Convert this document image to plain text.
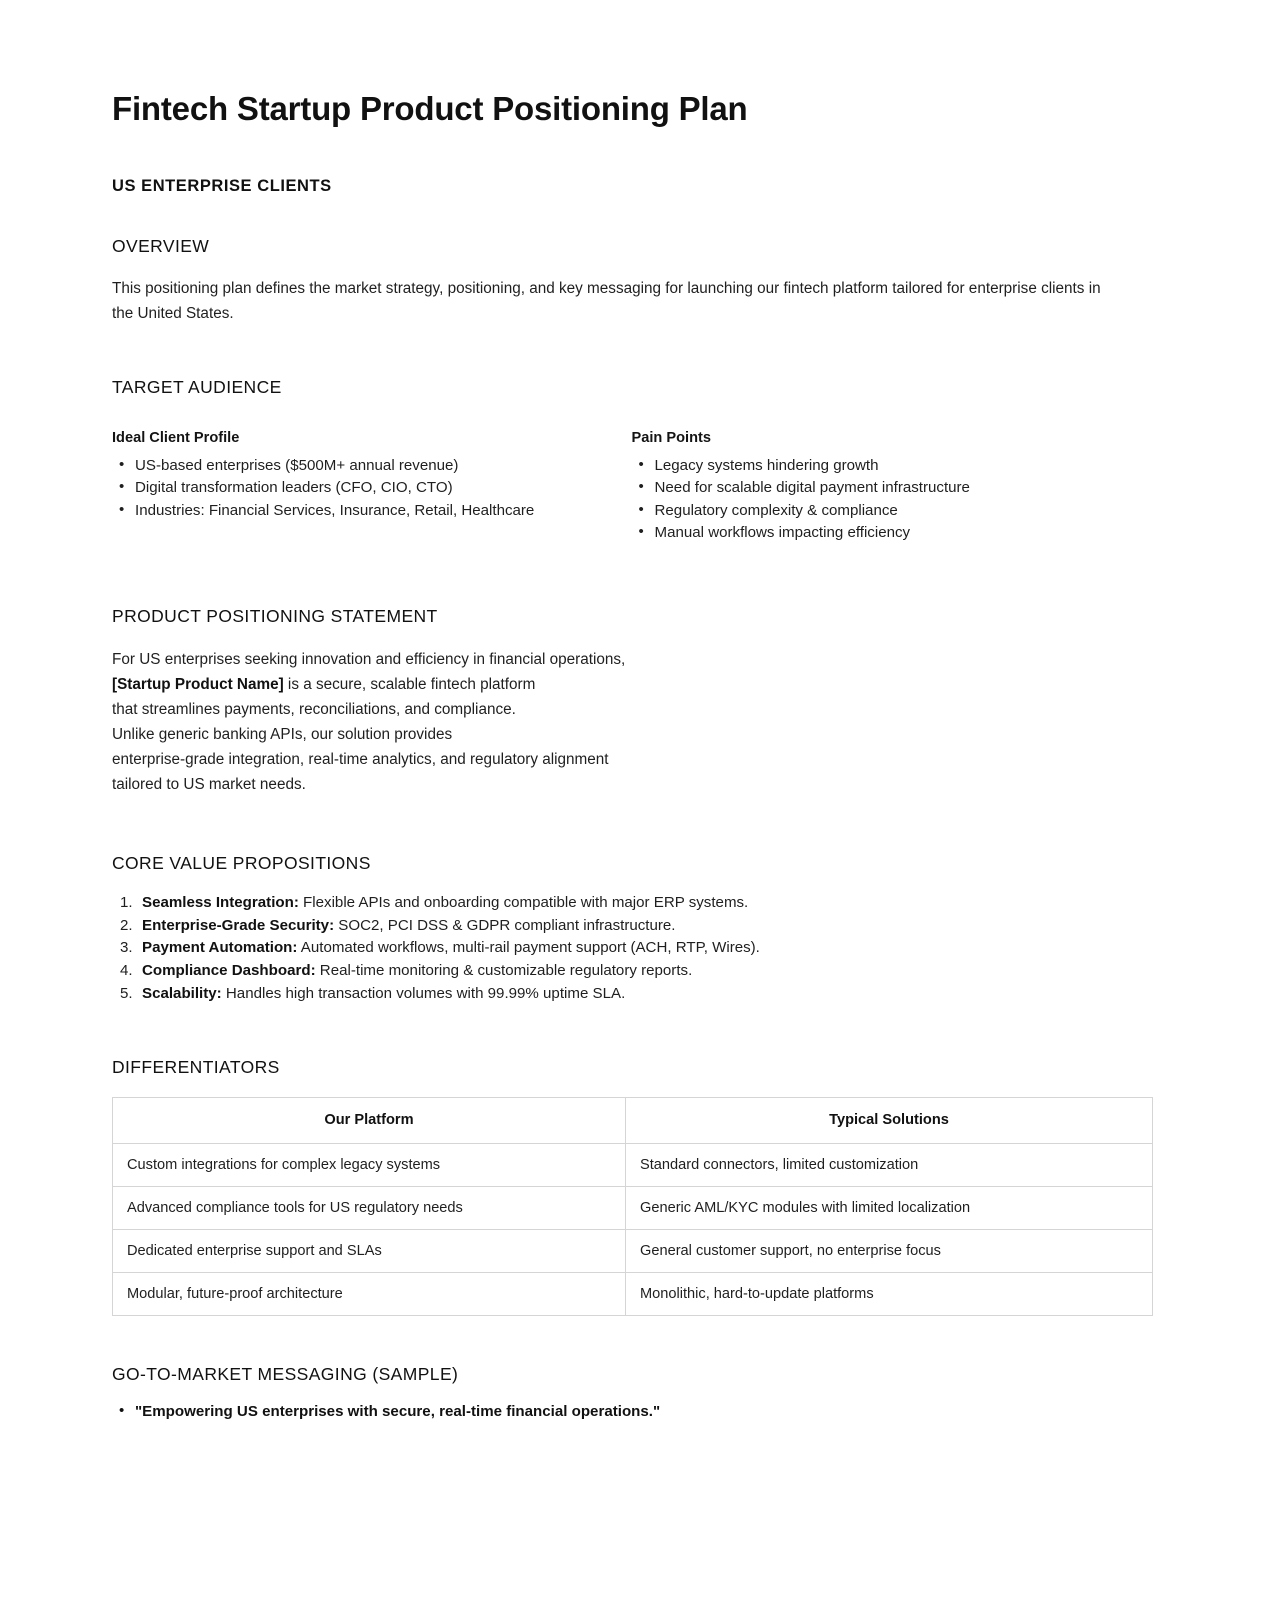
Fintech Startup Product Positioning Plan
US ENTERPRISE CLIENTS
OVERVIEW

This positioning plan defines the market strategy, positioning, and key messaging for launching our fintech platform tailored for enterprise clients in the United States.

TARGET AUDIENCE
Ideal Client Profile
• US-based enterprises ($500M+ annual revenue)
• Digital transformation leaders (CFO, CIO, CTO)
• Industries: Financial Services, Insurance, Retail, Healthcare
Pain Points
• Legacy systems hindering growth
• Need for scalable digital payment infrastructure
• Regulatory complexity & compliance
• Manual workflows impacting efficiency
PRODUCT POSITIONING STATEMENT
For US enterprises seeking innovation and efficiency in financial operations,
[Startup Product Name] is a secure, scalable fintech platform
that streamlines payments, reconciliations, and compliance.
Unlike generic banking APIs, our solution provides
enterprise-grade integration, real-time analytics, and regulatory alignment
tailored to US market needs.
CORE VALUE PROPOSITIONS
Seamless Integration: Flexible APIs and onboarding compatible with major ERP systems.
Enterprise-Grade Security: SOC2, PCI DSS & GDPR compliant infrastructure.
Payment Automation: Automated workflows, multi-rail payment support (ACH, RTP, Wires).
Compliance Dashboard: Real-time monitoring & customizable regulatory reports.
Scalability: Handles high transaction volumes with 99.99% uptime SLA.
DIFFERENTIATORS
Our Platform	Typical Solutions
Custom integrations for complex legacy systems	Standard connectors, limited customization
Advanced compliance tools for US regulatory needs	Generic AML/KYC modules with limited localization
Dedicated enterprise support and SLAs	General customer support, no enterprise focus
Modular, future-proof architecture	Monolithic, hard-to-update platforms
GO-TO-MARKET MESSAGING (SAMPLE)
• "Empowering US enterprises with secure, real-time financial operations."
